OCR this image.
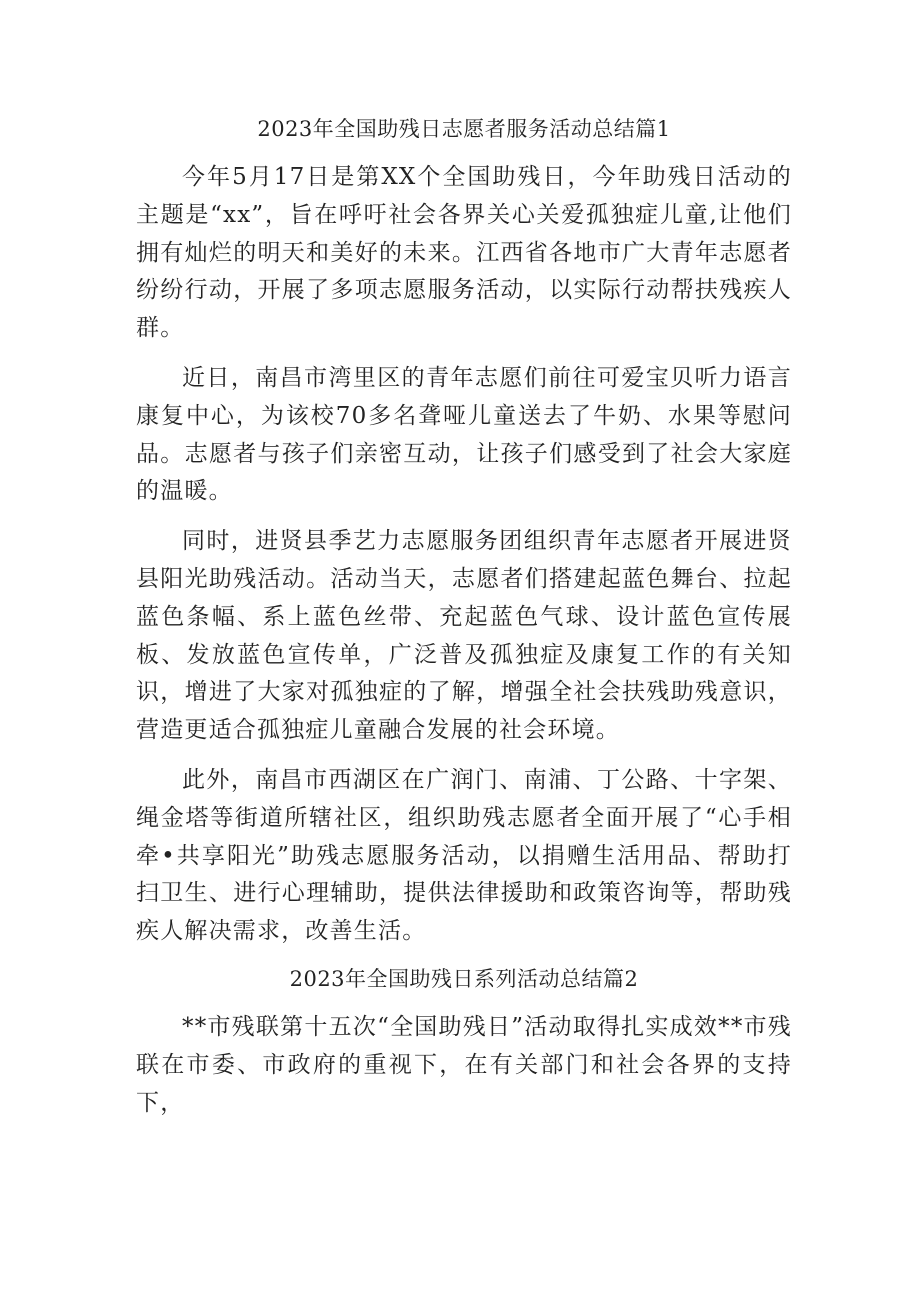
2023年全国助残日志愿者服务活动总结篇1

今年5月17日是第XX个全国助残日，今年助残日活动的主题是“xx”，旨在呼吁社会各界关心关爱孤独症儿童,让他们拥有灿烂的明天和美好的未来。江西省各地市广大青年志愿者纷纷行动，开展了多项志愿服务活动，以实际行动帮扶残疾人群。

近日，南昌市湾里区的青年志愿们前往可爱宝贝听力语言康复中心，为该校70多名聋哑儿童送去了牛奶、水果等慰问品。志愿者与孩子们亲密互动，让孩子们感受到了社会大家庭的温暖。

同时，进贤县季艺力志愿服务团组织青年志愿者开展进贤县阳光助残活动。活动当天，志愿者们搭建起蓝色舞台、拉起蓝色条幅、系上蓝色丝带、充起蓝色气球、设计蓝色宣传展板、发放蓝色宣传单，广泛普及孤独症及康复工作的有关知识，增进了大家对孤独症的了解，增强全社会扶残助残意识，营造更适合孤独症儿童融合发展的社会环境。

此外，南昌市西湖区在广润门、南浦、丁公路、十字架、绳金塔等街道所辖社区，组织助残志愿者全面开展了“心手相牵•共享阳光”助残志愿服务活动，以捐赠生活用品、帮助打扫卫生、进行心理辅助，提供法律援助和政策咨询等，帮助残疾人解决需求，改善生活。

2023年全国助残日系列活动总结篇2

**市残联第十五次“全国助残日”活动取得扎实成效**市残联在市委、市政府的重视下，在有关部门和社会各界的支持下，
